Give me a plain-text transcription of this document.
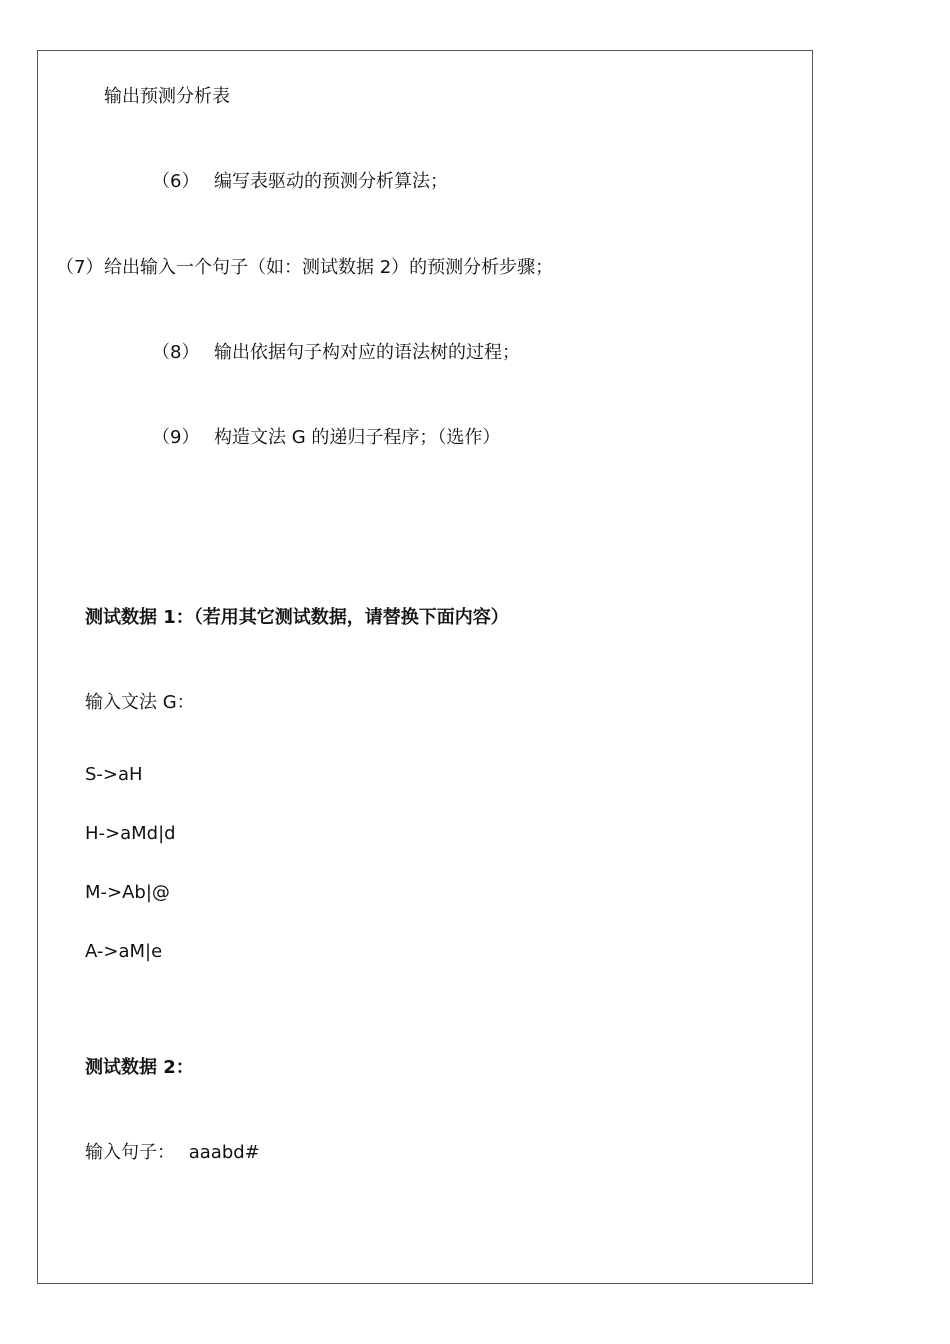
输出预测分析表
（6） 编写表驱动的预测分析算法；
（7）给出输入一个句子（如：测试数据 2）的预测分析步骤；
（8） 输出依据句子构对应的语法树的过程；
（9） 构造文法 G 的递归子程序；（选作）
测试数据 1：（若用其它测试数据，请替换下面内容）
输入文法 G：
S->aH
H->aMd|d
M->Ab|@
A->aM|e
测试数据 2：
输入句子： aaabd#
